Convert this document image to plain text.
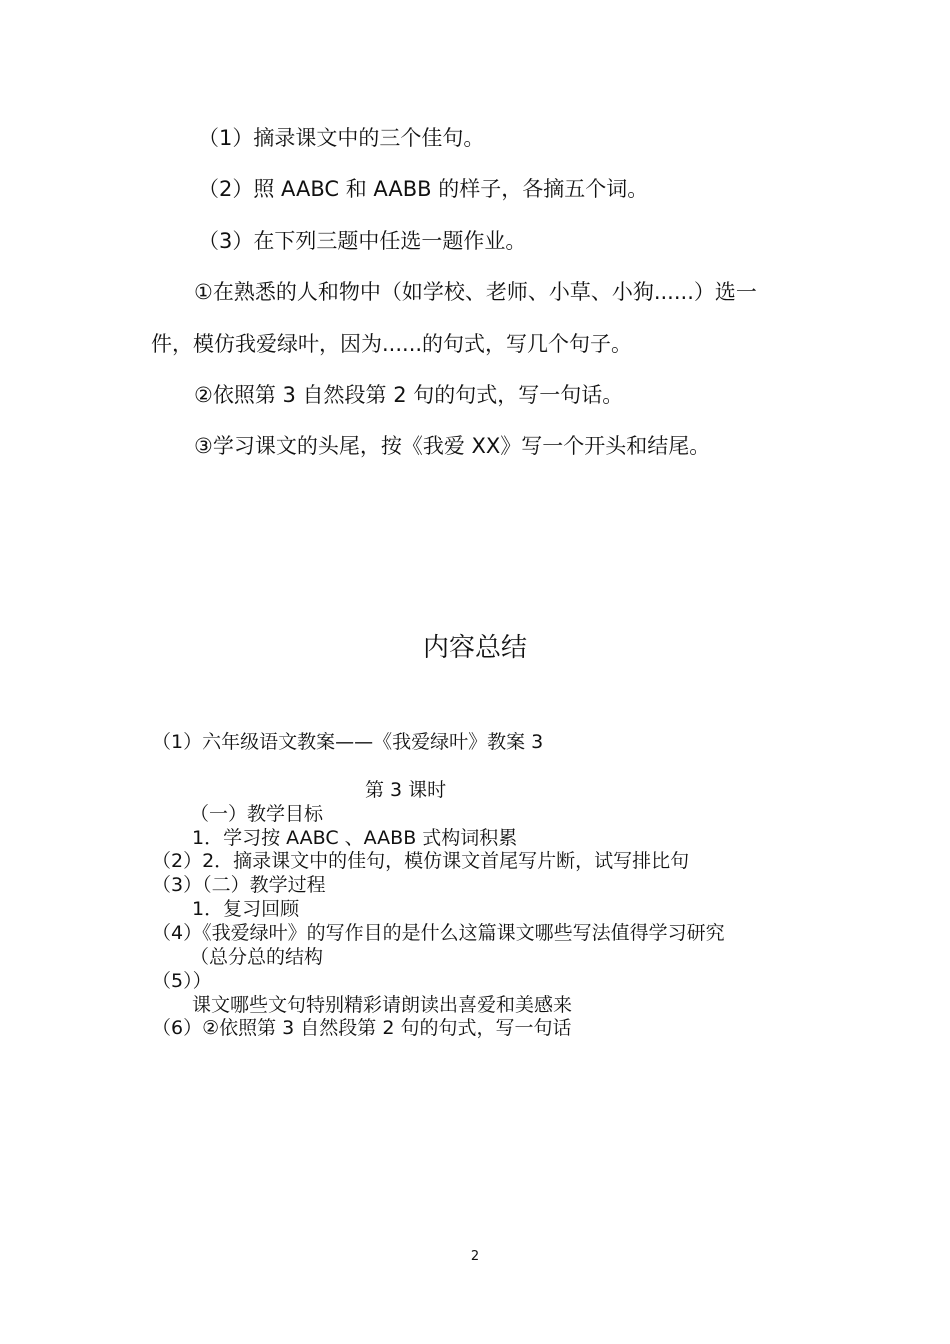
（1）摘录课文中的三个佳句。
（2）照 AABC 和 AABB 的样子，各摘五个词。
（3）在下列三题中任选一题作业。
①在熟悉的人和物中（如学校、老师、小草、小狗......）选一
件，模仿我爱绿叶，因为......的句式，写几个句子。
②依照第 3 自然段第 2 句的句式，写一句话。
③学习课文的头尾，按《我爱 XX》写一个开头和结尾。
内容总结
（1）六年级语文教案——《我爱绿叶》教案 3
第 3 课时
（一）教学目标
1．学习按 AABC 、AABB 式构词积累
（2）2．摘录课文中的佳句，模仿课文首尾写片断，试写排比句
（3）（二）教学过程
1．复习回顾
（4）《我爱绿叶》的写作目的是什么这篇课文哪些写法值得学习研究
（总分总的结构
（5））
课文哪些文句特别精彩请朗读出喜爱和美感来
（6）②依照第 3 自然段第 2 句的句式，写一句话
2
